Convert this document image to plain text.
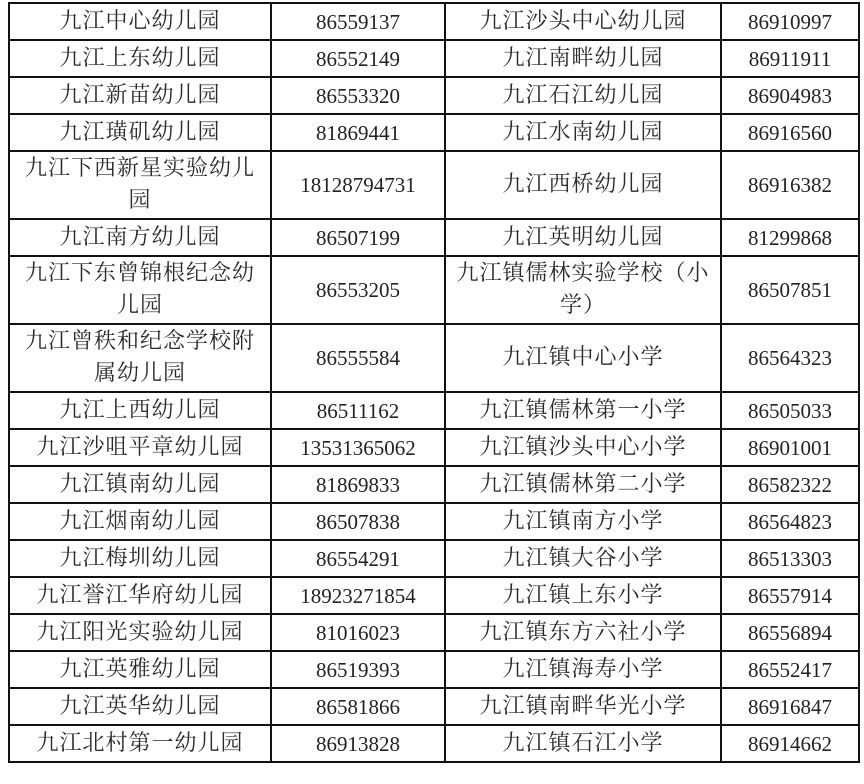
九江中心幼儿园	86559137	九江沙头中心幼儿园	86910997
九江上东幼儿园	86552149	九江南畔幼儿园	86911911
九江新苗幼儿园	86553320	九江石江幼儿园	86904983
九江璜矶幼儿园	81869441	九江水南幼儿园	86916560
九江下西新星实验幼儿园	18128794731	九江西桥幼儿园	86916382
九江南方幼儿园	86507199	九江英明幼儿园	81299868
九江下东曾锦根纪念幼儿园	86553205	九江镇儒林实验学校（小学）	86507851
九江曾秩和纪念学校附属幼儿园	86555584	九江镇中心小学	86564323
九江上西幼儿园	86511162	九江镇儒林第一小学	86505033
九江沙咀平章幼儿园	13531365062	九江镇沙头中心小学	86901001
九江镇南幼儿园	81869833	九江镇儒林第二小学	86582322
九江烟南幼儿园	86507838	九江镇南方小学	86564823
九江梅圳幼儿园	86554291	九江镇大谷小学	86513303
九江誉江华府幼儿园	18923271854	九江镇上东小学	86557914
九江阳光实验幼儿园	81016023	九江镇东方六社小学	86556894
九江英雅幼儿园	86519393	九江镇海寿小学	86552417
九江英华幼儿园	86581866	九江镇南畔华光小学	86916847
九江北村第一幼儿园	86913828	九江镇石江小学	86914662
